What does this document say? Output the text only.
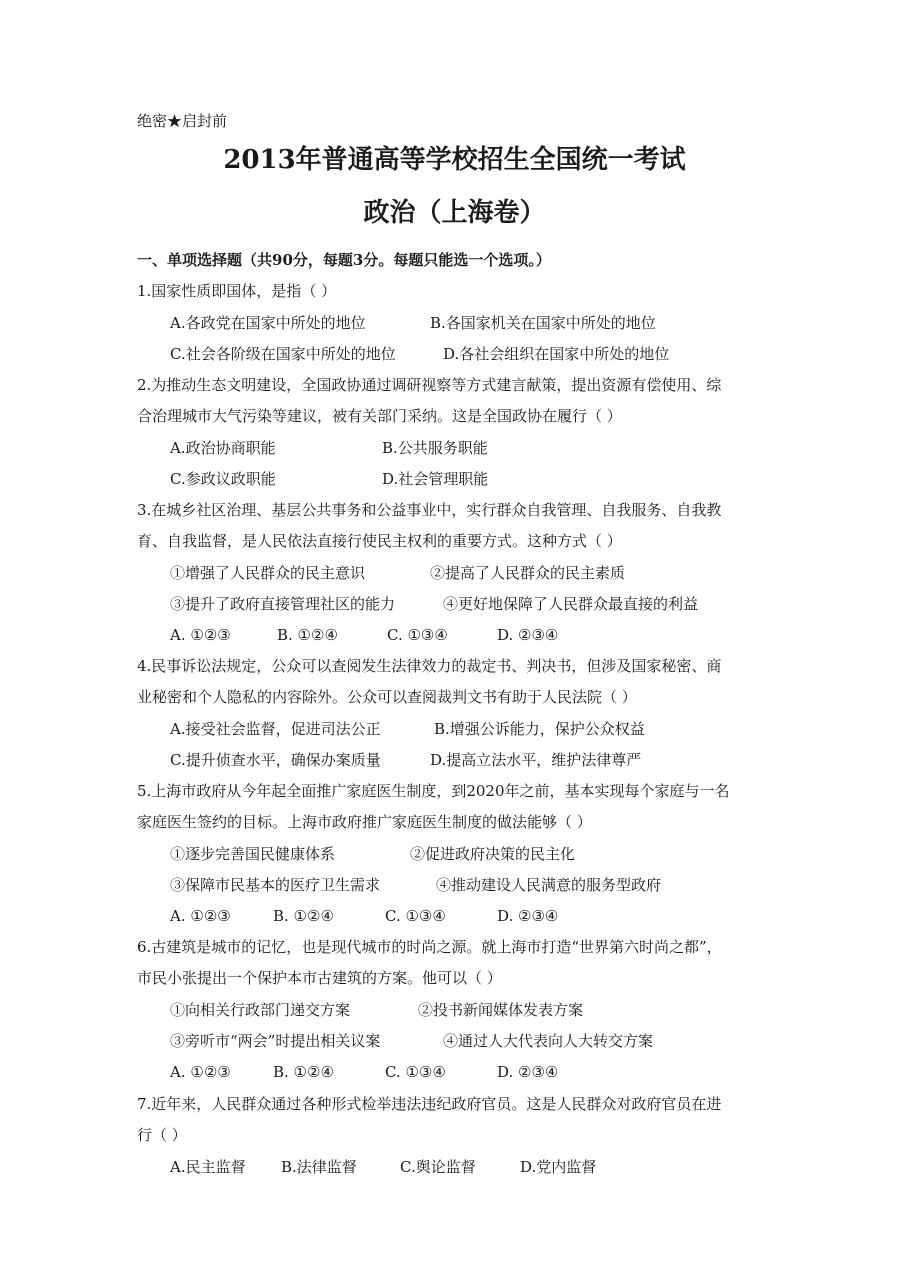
绝密★启封前
2013年普通高等学校招生全国统一考试
政治（上海卷）
一、单项选择题（共90分，每题3分。每题只能选一个选项。）
1.国家性质即国体，是指（ ）
A.各政党在国家中所处的地位	B.各国家机关在国家中所处的地位
C.社会各阶级在国家中所处的地位	D.各社会组织在国家中所处的地位
2.为推动生态文明建设，全国政协通过调研视察等方式建言献策，提出资源有偿使用、综
合治理城市大气污染等建议，被有关部门采纳。这是全国政协在履行（ ）
A.政治协商职能	B.公共服务职能
C.参政议政职能	D.社会管理职能
3.在城乡社区治理、基层公共事务和公益事业中，实行群众自我管理、自我服务、自我教
育、自我监督，是人民依法直接行使民主权利的重要方式。这种方式（ ）
①增强了人民群众的民主意识	②提高了人民群众的民主素质
③提升了政府直接管理社区的能力	④更好地保障了人民群众最直接的利益
A. ①②③	B. ①②④	C. ①③④	D. ②③④
4.民事诉讼法规定，公众可以查阅发生法律效力的裁定书、判决书，但涉及国家秘密、商
业秘密和个人隐私的内容除外。公众可以查阅裁判文书有助于人民法院（ ）
A.接受社会监督，促进司法公正	B.增强公诉能力，保护公众权益
C.提升侦查水平，确保办案质量	D.提高立法水平，维护法律尊严
5.上海市政府从今年起全面推广家庭医生制度，到2020年之前，基本实现每个家庭与一名
家庭医生签约的目标。上海市政府推广家庭医生制度的做法能够（ ）
①逐步完善国民健康体系	②促进政府决策的民主化
③保障市民基本的医疗卫生需求	④推动建设人民满意的服务型政府
A. ①②③	B. ①②④	C. ①③④	D. ②③④
6.古建筑是城市的记忆，也是现代城市的时尚之源。就上海市打造“世界第六时尚之都”，
市民小张提出一个保护本市古建筑的方案。他可以（ ）
①向相关行政部门递交方案	②投书新闻媒体发表方案
③旁听市“两会”时提出相关议案	④通过人大代表向人大转交方案
A. ①②③	B. ①②④	C. ①③④	D. ②③④
7.近年来，人民群众通过各种形式检举违法违纪政府官员。这是人民群众对政府官员在进
行（ ）
A.民主监督 B.法律监督	C.舆论监督	D.党内监督
